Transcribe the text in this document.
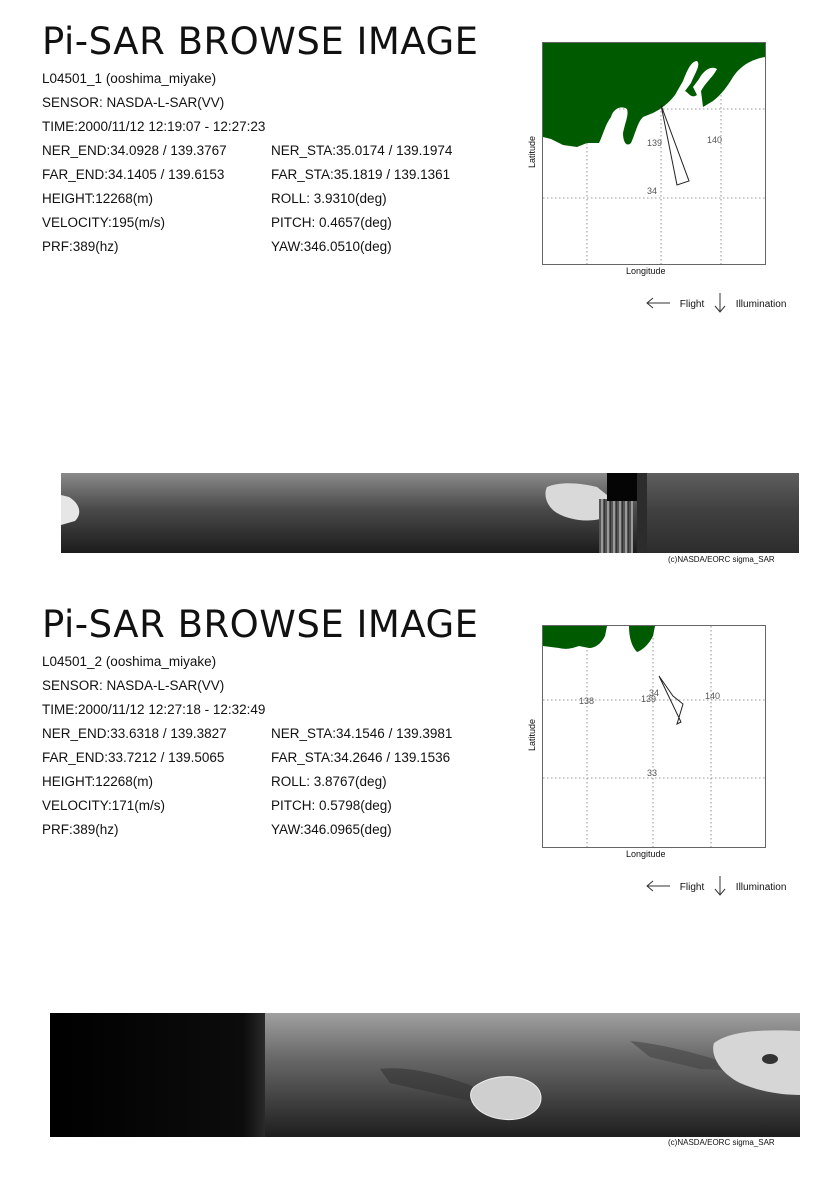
Pi-SAR BROWSE IMAGE
L04501_1 (ooshima_miyake)
SENSOR: NASDA-L-SAR(VV)
TIME:2000/11/12 12:19:07 - 12:27:23
NER_END:34.0928 / 139.3767	NER_STA:35.0174 / 139.1974
FAR_END:34.1405 / 139.6153	FAR_STA:35.1819 / 139.1361
HEIGHT:12268(m)	ROLL: 3.9310(deg)
VELOCITY:195(m/s)	PITCH: 0.4657(deg)
PRF:389(hz)	YAW:346.0510(deg)
139	140
34
Latitude
Longitude
Flight	Illumination
(c)NASDA/EORC sigma_SAR
Pi-SAR BROWSE IMAGE
L04501_2 (ooshima_miyake)
SENSOR: NASDA-L-SAR(VV)
TIME:2000/11/12 12:27:18 - 12:32:49
NER_END:33.6318 / 139.3827	NER_STA:34.1546 / 139.3981
FAR_END:33.7212 / 139.5065	FAR_STA:34.2646 / 139.1536
HEIGHT:12268(m)	ROLL: 3.8767(deg)
VELOCITY:171(m/s)	PITCH: 0.5798(deg)
PRF:389(hz)	YAW:346.0965(deg)
138	139	140
34
33
Latitude
Longitude
Flight	Illumination
(c)NASDA/EORC sigma_SAR
